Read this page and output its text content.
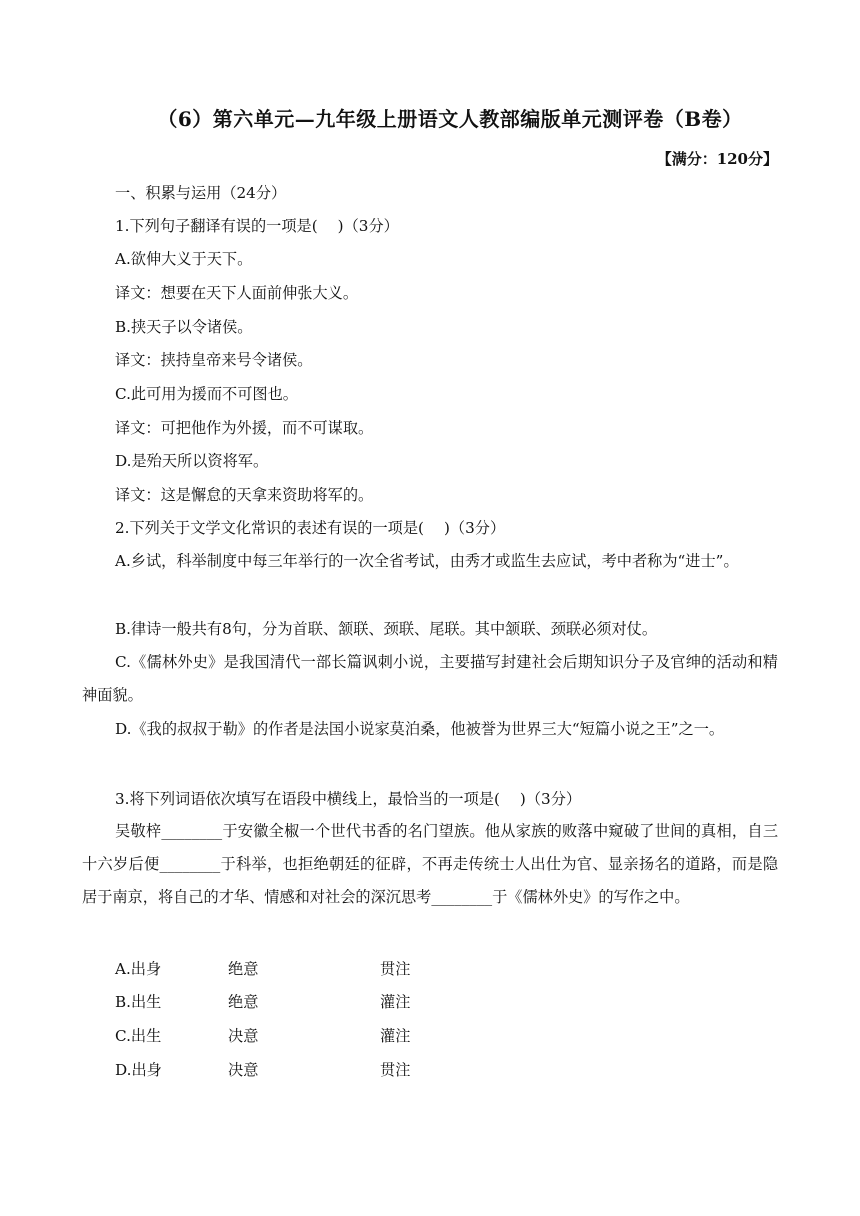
（6）第六单元—九年级上册语文人教部编版单元测评卷（B卷）
【满分：120分】
一、积累与运用（24分）
1.下列句子翻译有误的一项是(　 )（3分）
A.欲伸大义于天下。
译文：想要在天下人面前伸张大义。
B.挟天子以令诸侯。
译文：挟持皇帝来号令诸侯。
C.此可用为援而不可图也。
译文：可把他作为外援，而不可谋取。
D.是殆天所以资将军。
译文：这是懈怠的天拿来资助将军的。
2.下列关于文学文化常识的表述有误的一项是(　 )（3分）
A.乡试，科举制度中每三年举行的一次全省考试，由秀才或监生去应试，考中者称为“进士”。
B.律诗一般共有8句，分为首联、颔联、颈联、尾联。其中颔联、颈联必须对仗。
C.《儒林外史》是我国清代一部长篇讽刺小说，主要描写封建社会后期知识分子及官绅的活动和精神面貌。
D.《我的叔叔于勒》的作者是法国小说家莫泊桑，他被誉为世界三大“短篇小说之王”之一。
3.将下列词语依次填写在语段中横线上，最恰当的一项是(　 )（3分）
吴敬梓________于安徽全椒一个世代书香的名门望族。他从家族的败落中窥破了世间的真相，自三十六岁后便________于科举，也拒绝朝廷的征辟，不再走传统士人出仕为官、显亲扬名的道路，而是隐居于南京，将自己的才华、情感和对社会的深沉思考________于《儒林外史》的写作之中。
A.出身	绝意	贯注
B.出生	绝意	灌注
C.出生	决意	灌注
D.出身	决意	贯注
